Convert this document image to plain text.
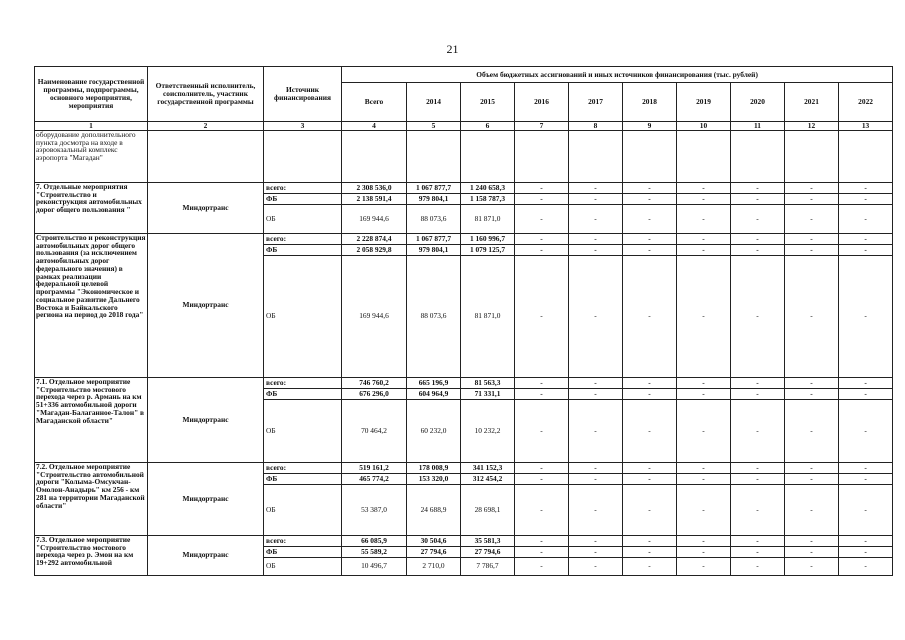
21
Наименование государственной программы, подпрограммы, основного мероприятия, мероприятия	Ответственный исполнитель, соисполнитель, участник государственной программы	Источник финансирования	Объем бюджетных ассигнований и иных источников финансирования (тыс. рублей)									
			Всего	2014	2015	2016	2017	2018	2019	2020	2021	2022
1	2	3	4	5	6	7	8	9	10	11	12	13
оборудование дополнительного пункта досмотра на входе в аэровокзальный комплекс аэропорта "Магадан"												
7. Отдельные мероприятия "Строительство и реконструкция автомобильных дорог общего пользования "	Миндортранс	всего:	2 308 536,0	1 067 877,7	1 240 658,3	-	-	-	-	-	-	-
		ФБ	2 138 591,4	979 804,1	1 158 787,3	-	-	-	-	-	-	-
		ОБ	169 944,6	88 073,6	81 871,0	-	-	-	-	-	-	-
Строительство и реконструкция автомобильных дорог общего пользования (за исключением автомобильных дорог федерального значения) в рамках реализации федеральной целевой программы "Экономическое и социальное развитие Дальнего Востока и Байкальского региона на период до 2018 года"	Миндортранс	всего:	2 228 874,4	1 067 877,7	1 160 996,7	-	-	-	-	-	-	-
		ФБ	2 058 929,8	979 804,1	1 079 125,7	-	-	-	-	-	-	-
		ОБ	169 944,6	88 073,6	81 871,0	-	-	-	-	-	-	-
7.1. Отдельное мероприятие "Строительство мостового перехода через р. Армань на км 51+336 автомобильной дороги "Магадан-Балаганное-Талон" в Магаданской области"	Миндортранс	всего:	746 760,2	665 196,9	81 563,3	-	-	-	-	-	-	-
		ФБ	676 296,0	604 964,9	71 331,1	-	-	-	-	-	-	-
		ОБ	70 464,2	60 232,0	10 232,2	-	-	-	-	-	-	-
7.2. Отдельное мероприятие "Строительство автомобильной дороги "Колыма-Омсукчан-Омолон-Анадырь" км 256 - км 281 на территории Магаданской области"	Миндортранс	всего:	519 161,2	178 008,9	341 152,3	-	-	-	-	-	-	-
		ФБ	465 774,2	153 320,0	312 454,2	-	-	-	-	-	-	-
		ОБ	53 387,0	24 688,9	28 698,1	-	-	-	-	-	-	-
7.3. Отдельное мероприятие "Строительство мостового перехода через р. Эмон на км 19+292 автомобильной	Миндортранс	всего:	66 085,9	30 504,6	35 581,3	-	-	-	-	-	-	-
		ФБ	55 589,2	27 794,6	27 794,6	-	-	-	-	-	-	-
		ОБ	10 496,7	2 710,0	7 786,7	-	-	-	-	-	-	-
